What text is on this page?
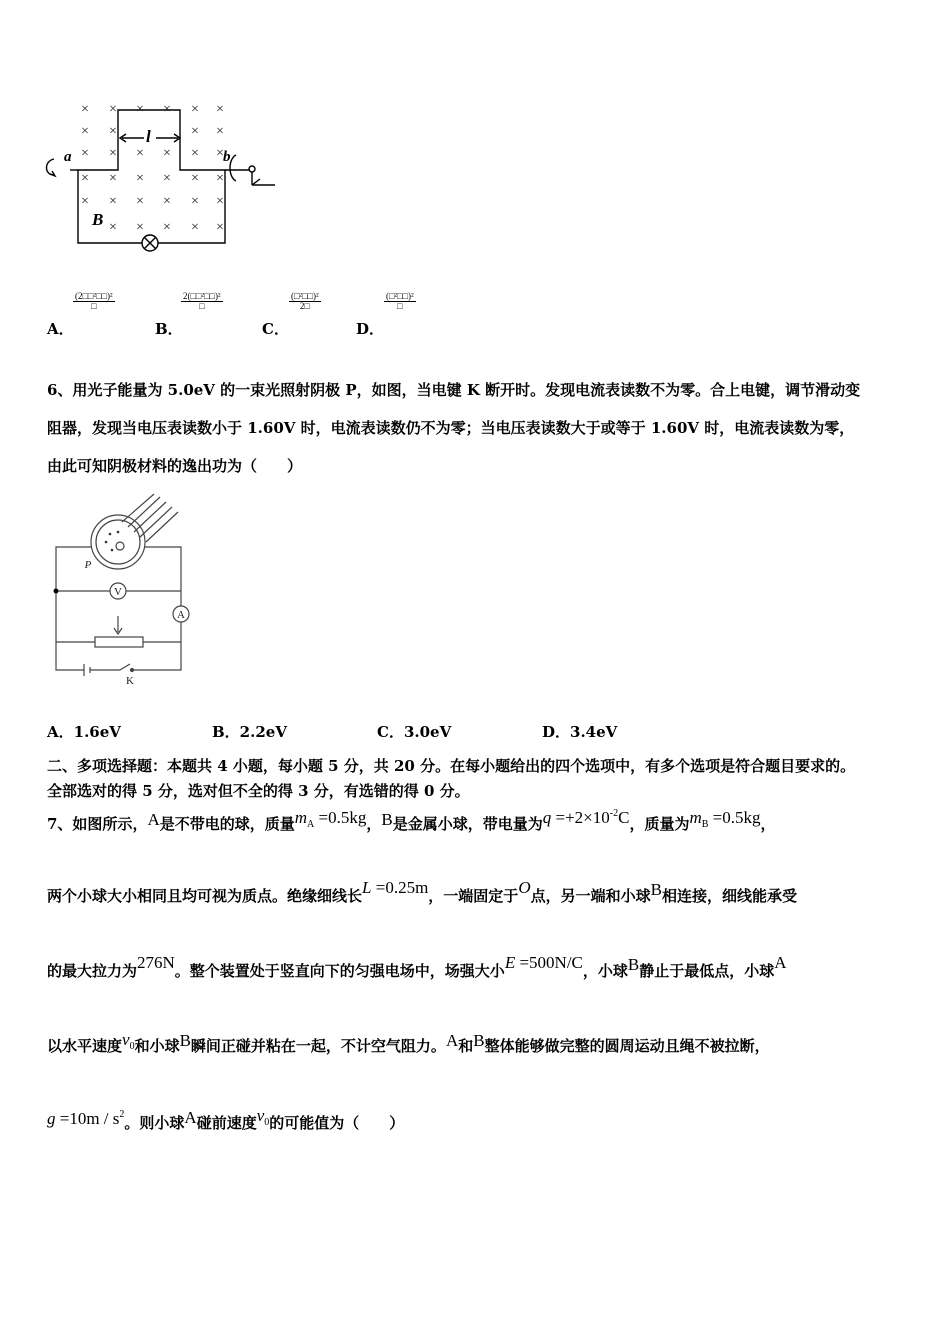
× × × × × ×
× ×	× ×
× × × × × ×
× × × × × ×
× × × × × ×
× × × × ×
a	b
l
B
A．
(2□□²□□)²
□
B．
2(□□²□□)²
□
C．
(□²□□)²
2□
D．
(□²□□)²
□
6、用光子能量为 5.0eV 的一束光照射阴极 P，如图，当电键 K 断开时。发现电流表读数不为零。合上电键，调节滑动变
阻器，发现当电压表读数小于 1.60V 时，电流表读数仍不为零；当电压表读数大于或等于 1.60V 时，电流表读数为零，
由此可知阴极材料的逸出功为（　　）
V
A
P
K
A．1.6eV	B．2.2eV	C．3.0eV	D．3.4eV
二、多项选择题：本题共 4 小题，每小题 5 分，共 20 分。在每小题给出的四个选项中，有多个选项是符合题目要求的。
全部选对的得 5 分，选对但不全的得 3 分，有选错的得 0 分。
7、如图所示，A是不带电的球，质量$m_A =0.5kg$，B是金属小球，带电量为$q =+2\times 10^{-2}C$，质量为$m_B =0.5kg$，
两个小球大小相同且均可视为质点。绝缘细线长L =0.25m，一端固定于O点，另一端和小球B相连接，细线能承受
的最大拉力为276N。整个装置处于竖直向下的匀强电场中，场强大小E =500N/C，小球B静止于最低点，小球A
以水平速度$v_0$和小球B瞬间正碰并粘在一起，不计空气阻力。A和B整体能够做完整的圆周运动且绳不被拉断，
$g =10m / s^2$。则小球A碰前速度$v_0$的可能值为（　　）
